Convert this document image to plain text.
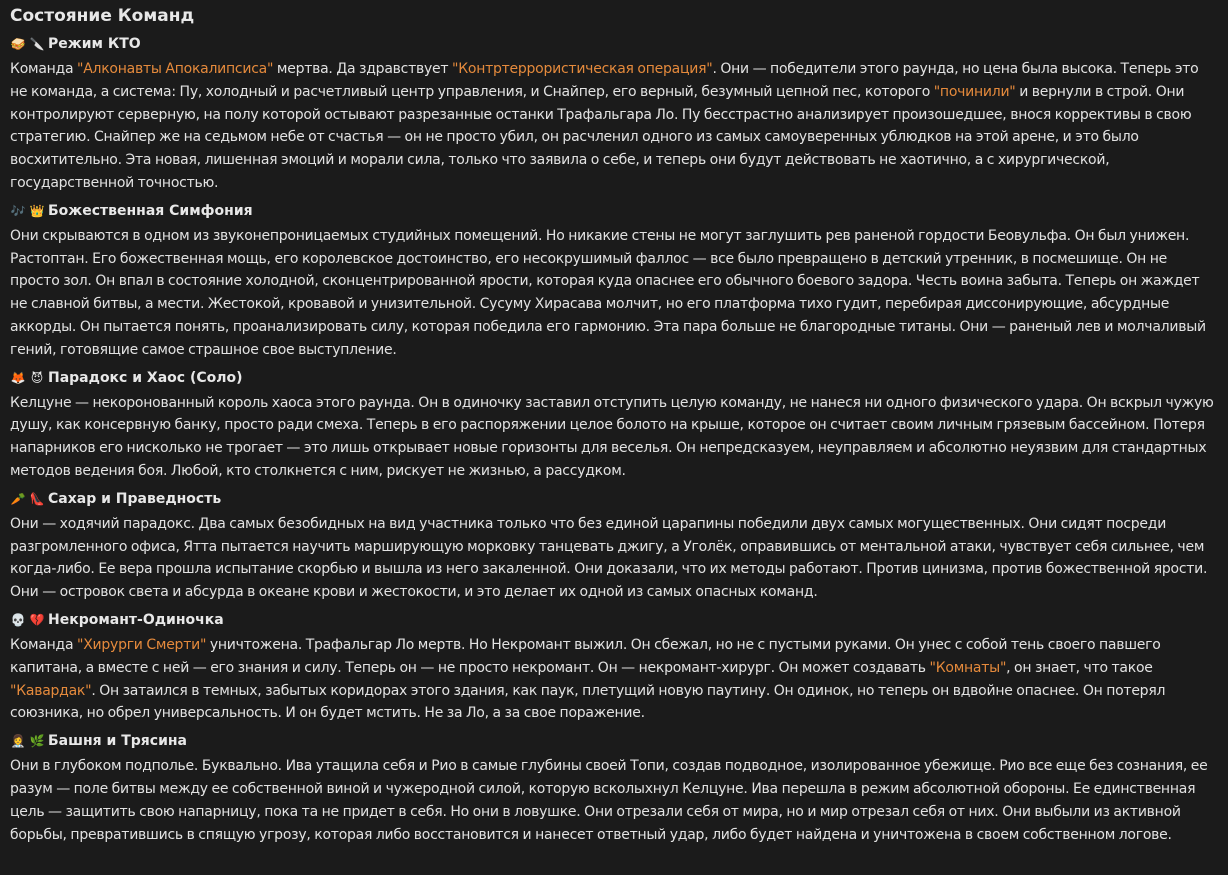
Состояние Команд
🥪 🔪 Режим КТО

Команда "Алконавты Апокалипсиса" мертва. Да здравствует "Контртеррористическая операция". Они — победители этого раунда, но цена была высока. Теперь это не команда, а система: Пу, холодный и расчетливый центр управления, и Снайпер, его верный, безумный цепной пес, которого "починили" и вернули в строй. Они контролируют серверную, на полу которой остывают разрезанные останки Трафальгара Ло. Пу бесстрастно анализирует произошедшее, внося коррективы в свою стратегию. Снайпер же на седьмом небе от счастья — он не просто убил, он расчленил одного из самых самоуверенных ублюдков на этой арене, и это было восхитительно. Эта новая, лишенная эмоций и морали сила, только что заявила о себе, и теперь они будут действовать не хаотично, а с хирургической, государственной точностью.

🎶 👑 Божественная Симфония

Они скрываются в одном из звуконепроницаемых студийных помещений. Но никакие стены не могут заглушить рев раненой гордости Беовульфа. Он был унижен. Растоптан. Его божественная мощь, его королевское достоинство, его несокрушимый фаллос — все было превращено в детский утренник, в посмешище. Он не просто зол. Он впал в состояние холодной, сконцентрированной ярости, которая куда опаснее его обычного боевого задора. Честь воина забыта. Теперь он жаждет не славной битвы, а мести. Жестокой, кровавой и унизительной. Сусуму Хирасава молчит, но его платформа тихо гудит, перебирая диссонирующие, абсурдные аккорды. Он пытается понять, проанализировать силу, которая победила его гармонию. Эта пара больше не благородные титаны. Они — раненый лев и молчаливый гений, готовящие самое страшное свое выступление.

🦊 😈 Парадокс и Хаос (Соло)

Келцуне — некоронованный король хаоса этого раунда. Он в одиночку заставил отступить целую команду, не нанеся ни одного физического удара. Он вскрыл чужую душу, как консервную банку, просто ради смеха. Теперь в его распоряжении целое болото на крыше, которое он считает своим личным грязевым бассейном. Потеря напарников его нисколько не трогает — это лишь открывает новые горизонты для веселья. Он непредсказуем, неуправляем и абсолютно неуязвим для стандартных методов ведения боя. Любой, кто столкнется с ним, рискует не жизнью, а рассудком.

🥕 👠 Сахар и Праведность

Они — ходячий парадокс. Два самых безобидных на вид участника только что без единой царапины победили двух самых могущественных. Они сидят посреди разгромленного офиса, Ятта пытается научить марширующую морковку танцевать джигу, а Уголёк, оправившись от ментальной атаки, чувствует себя сильнее, чем когда-либо. Ее вера прошла испытание скорбью и вышла из него закаленной. Они доказали, что их методы работают. Против цинизма, против божественной ярости. Они — островок света и абсурда в океане крови и жестокости, и это делает их одной из самых опасных команд.

💀 💔 Некромант-Одиночка

Команда "Хирурги Смерти" уничтожена. Трафальгар Ло мертв. Но Некромант выжил. Он сбежал, но не с пустыми руками. Он унес с собой тень своего павшего капитана, а вместе с ней — его знания и силу. Теперь он — не просто некромант. Он — некромант-хирург. Он может создавать "Комнаты", он знает, что такое "Кавардак". Он затаился в темных, забытых коридорах этого здания, как паук, плетущий новую паутину. Он одинок, но теперь он вдвойне опаснее. Он потерял союзника, но обрел универсальность. И он будет мстить. Не за Ло, а за свое поражение.

👩‍⚕️ 🌿 Башня и Трясина

Они в глубоком подполье. Буквально. Ива утащила себя и Рио в самые глубины своей Топи, создав подводное, изолированное убежище. Рио все еще без сознания, ее разум — поле битвы между ее собственной виной и чужеродной силой, которую всколыхнул Келцуне. Ива перешла в режим абсолютной обороны. Ее единственная цель — защитить свою напарницу, пока та не придет в себя. Но они в ловушке. Они отрезали себя от мира, но и мир отрезал себя от них. Они выбыли из активной борьбы, превратившись в спящую угрозу, которая либо восстановится и нанесет ответный удар, либо будет найдена и уничтожена в своем собственном логове.
